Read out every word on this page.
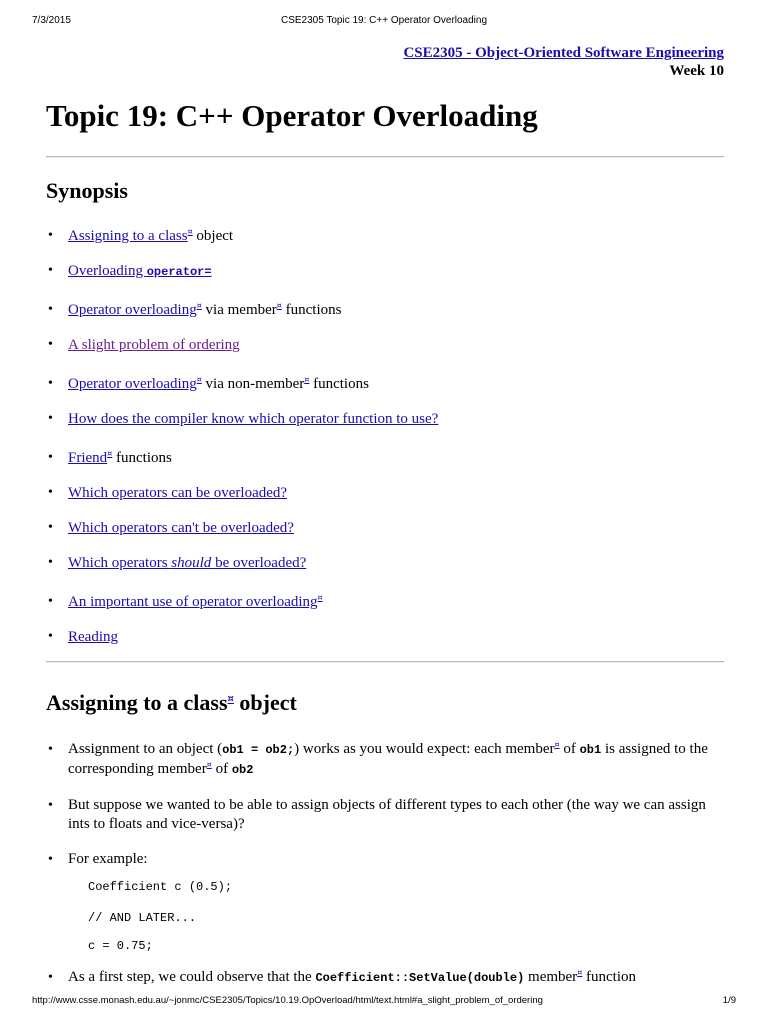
7/3/2015	CSE2305 Topic 19: C++ Operator Overloading
CSE2305 - Object-Oriented Software Engineering
Week 10
Topic 19: C++ Operator Overloading
Synopsis
• Assigning to a class¤ object
• Overloading operator=
• Operator overloading¤ via member¤ functions
• A slight problem of ordering
• Operator overloading¤ via non-member¤ functions
• How does the compiler know which operator function to use?
• Friend¤ functions
• Which operators can be overloaded?
• Which operators can't be overloaded?
• Which operators should be overloaded?
• An important use of operator overloading¤
• Reading
Assigning to a class¤ object
• Assignment to an object (ob1 = ob2;) works as you would expect: each member¤ of ob1 is assigned to the corresponding member¤ of ob2
• But suppose we wanted to be able to assign objects of different types to each other (the way we can assign ints to floats and vice-versa)?
• For example:
• As a first step, we could observe that the Coefficient::SetValue(double) member¤ function
Coefficient c (0.5);
// AND LATER...
c = 0.75;
http://www.csse.monash.edu.au/~jonmc/CSE2305/Topics/10.19.OpOverload/html/text.html#a_slight_problem_of_ordering	1/9
